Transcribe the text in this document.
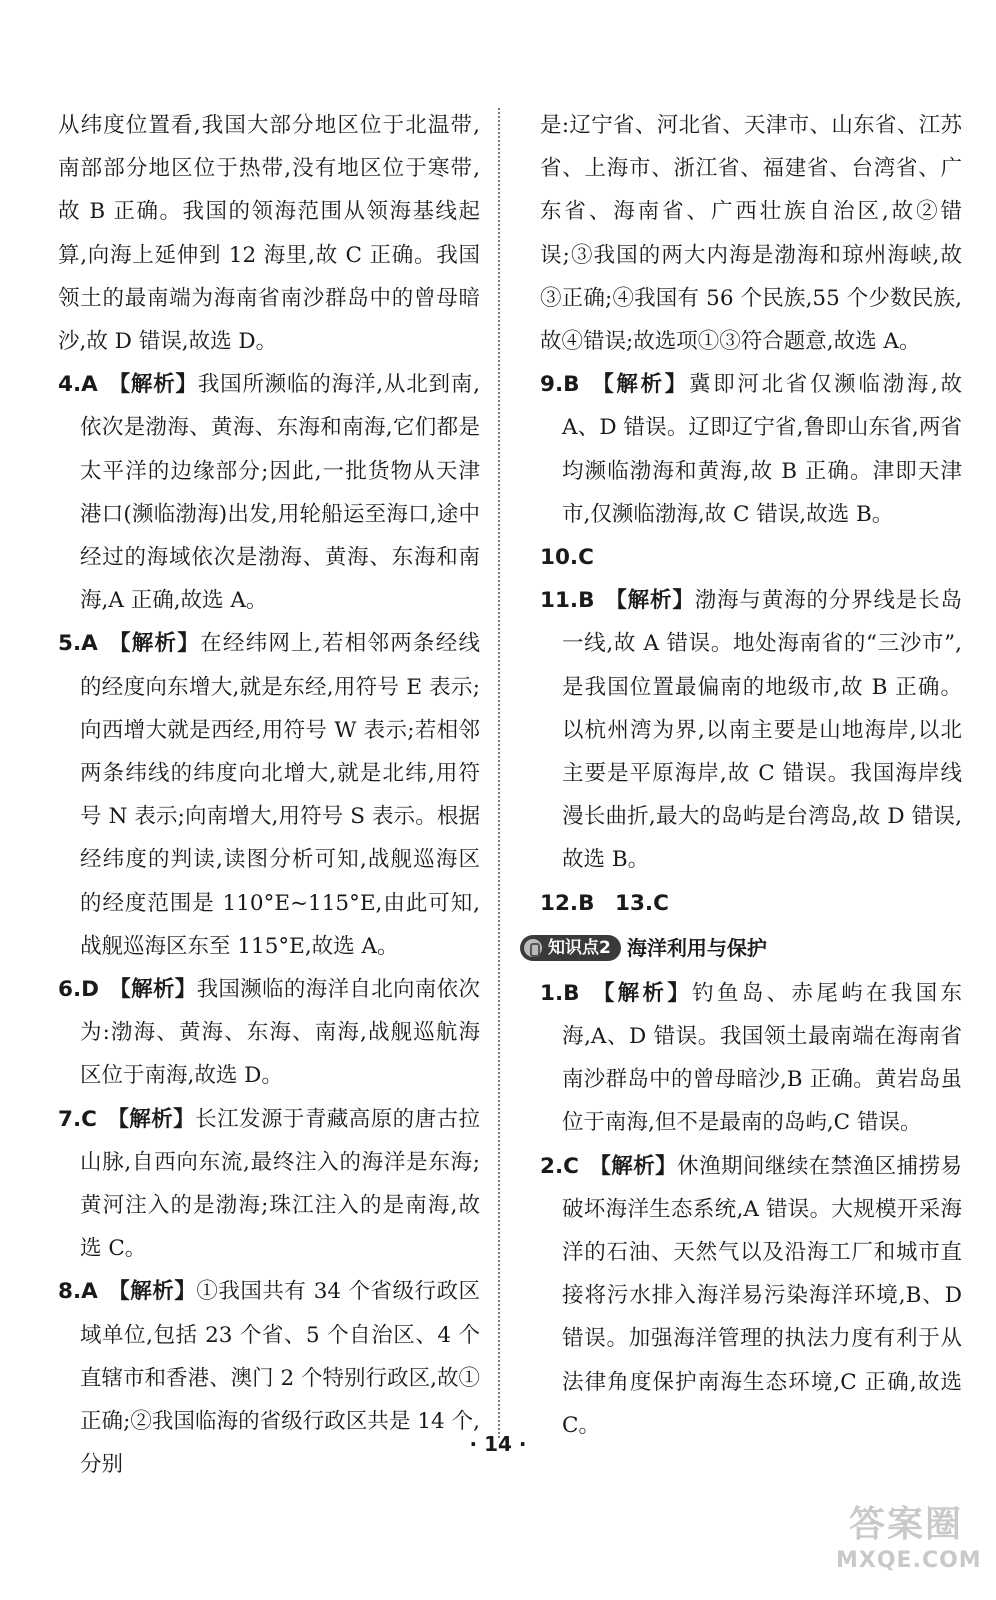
从纬度位置看,我国大部分地区位于北温带,南部部分地区位于热带,没有地区位于寒带,故 B 正确。我国的领海范围从领海基线起算,向海上延伸到 12 海里,故 C 正确。我国领土的最南端为海南省南沙群岛中的曾母暗沙,故 D 错误,故选 D。

4.A 【解析】我国所濒临的海洋,从北到南,依次是渤海、黄海、东海和南海,它们都是太平洋的边缘部分;因此,一批货物从天津港口(濒临渤海)出发,用轮船运至海口,途中经过的海域依次是渤海、黄海、东海和南海,A 正确,故选 A。

5.A 【解析】在经纬网上,若相邻两条经线的经度向东增大,就是东经,用符号 E 表示;向西增大就是西经,用符号 W 表示;若相邻两条纬线的纬度向北增大,就是北纬,用符号 N 表示;向南增大,用符号 S 表示。根据经纬度的判读,读图分析可知,战舰巡海区的经度范围是 110°E~115°E,由此可知,战舰巡海区东至 115°E,故选 A。

6.D 【解析】我国濒临的海洋自北向南依次为:渤海、黄海、东海、南海,战舰巡航海区位于南海,故选 D。

7.C 【解析】长江发源于青藏高原的唐古拉山脉,自西向东流,最终注入的海洋是东海;黄河注入的是渤海;珠江注入的是南海,故选 C。

8.A 【解析】①我国共有 34 个省级行政区域单位,包括 23 个省、5 个自治区、4 个直辖市和香港、澳门 2 个特别行政区,故①正确;②我国临海的省级行政区共是 14 个,分别

是:辽宁省、河北省、天津市、山东省、江苏省、上海市、浙江省、福建省、台湾省、广东省、海南省、广西壮族自治区,故②错误;③我国的两大内海是渤海和琼州海峡,故③正确;④我国有 56 个民族,55 个少数民族,故④错误;故选项①③符合题意,故选 A。

9.B 【解析】冀即河北省仅濒临渤海,故 A、D 错误。辽即辽宁省,鲁即山东省,两省均濒临渤海和黄海,故 B 正确。津即天津市,仅濒临渤海,故 C 错误,故选 B。

10.C

11.B 【解析】渤海与黄海的分界线是长岛一线,故 A 错误。地处海南省的“三沙市”,是我国位置最偏南的地级市,故 B 正确。以杭州湾为界,以南主要是山地海岸,以北主要是平原海岸,故 C 错误。我国海岸线漫长曲折,最大的岛屿是台湾岛,故 D 错误,故选 B。

12.B 13.C

知识点2 海洋利用与保护

1.B 【解析】钓鱼岛、赤尾屿在我国东海,A、D 错误。我国领土最南端在海南省南沙群岛中的曾母暗沙,B 正确。黄岩岛虽位于南海,但不是最南的岛屿,C 错误。

2.C 【解析】休渔期间继续在禁渔区捕捞易破坏海洋生态系统,A 错误。大规模开采海洋的石油、天然气以及沿海工厂和城市直接将污水排入海洋易污染海洋环境,B、D 错误。加强海洋管理的执法力度有利于从法律角度保护南海生态环境,C 正确,故选 C。

· 14 ·
答案圈
MXQE.COM
